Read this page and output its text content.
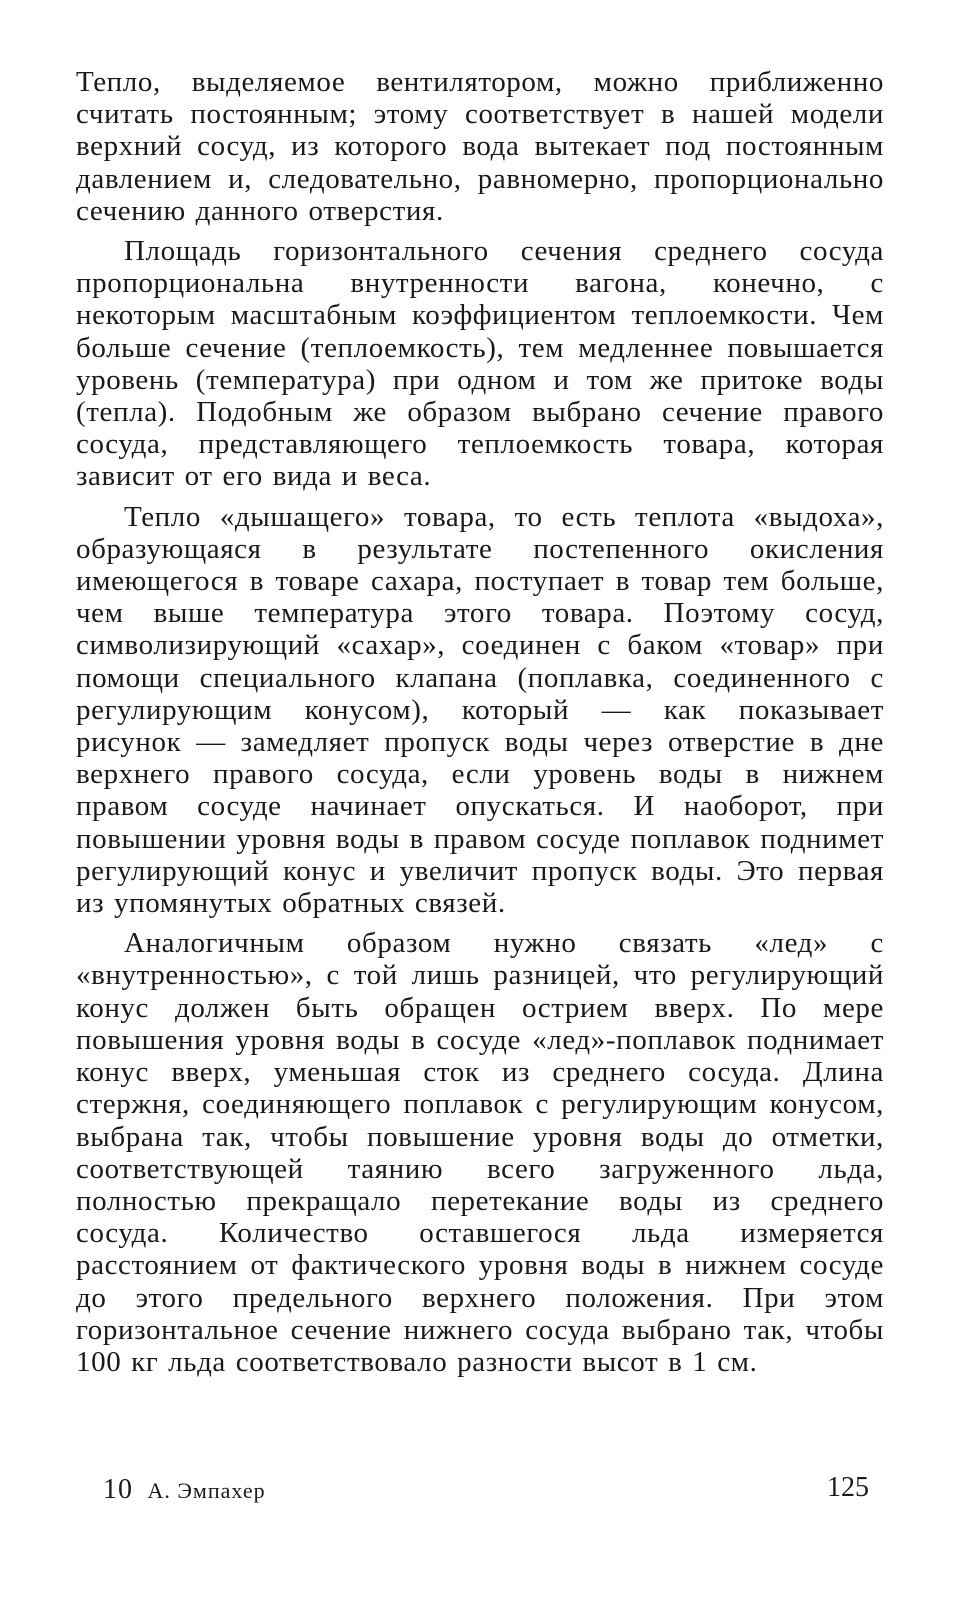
Тепло, выделяемое вентилятором, можно приближенно считать постоянным; этому соответствует в нашей модели верхний сосуд, из которого вода вытекает под постоянным давлением и, следовательно, равномерно, пропорционально сечению данного отверстия.

Площадь горизонтального сечения среднего сосуда пропорциональна внутренности вагона, конечно, с некоторым масштабным коэффициентом теплоемкости. Чем больше сечение (теплоемкость), тем медленнее повышается уровень (температура) при одном и том же притоке воды (тепла). Подобным же образом выбрано сечение правого сосуда, представляющего теплоемкость товара, которая зависит от его вида и веса.

Тепло «дышащего» товара, то есть теплота «выдоха», образующаяся в результате постепенного окисления имеющегося в товаре сахара, поступает в товар тем больше, чем выше температура этого товара. Поэтому сосуд, символизирующий «сахар», соединен с баком «товар» при помощи специального клапана (поплавка, соединенного с регулирующим конусом), который — как показывает рисунок — замедляет пропуск воды через отверстие в дне верхнего правого сосуда, если уровень воды в нижнем правом сосуде начинает опускаться. И наоборот, при повышении уровня воды в правом сосуде поплавок поднимет регулирующий конус и увеличит пропуск воды. Это первая из упомянутых обратных связей.

Аналогичным образом нужно связать «лед» с «внутренностью», с той лишь разницей, что регулирующий конус должен быть обращен острием вверх. По мере повышения уровня воды в сосуде «лед»-поплавок поднимает конус вверх, уменьшая сток из среднего сосуда. Длина стержня, соединяющего поплавок с регулирующим конусом, выбрана так, чтобы повышение уровня воды до отметки, соответствующей таянию всего загруженного льда, полностью прекращало перетекание воды из среднего сосуда. Количество оставшегося льда измеряется расстоянием от фактического уровня воды в нижнем сосуде до этого предельного верхнего положения. При этом горизонтальное сечение нижнего сосуда выбрано так, чтобы 100 кг льда соответствовало разности высот в 1 см.

10 А. Эмпахер	125
